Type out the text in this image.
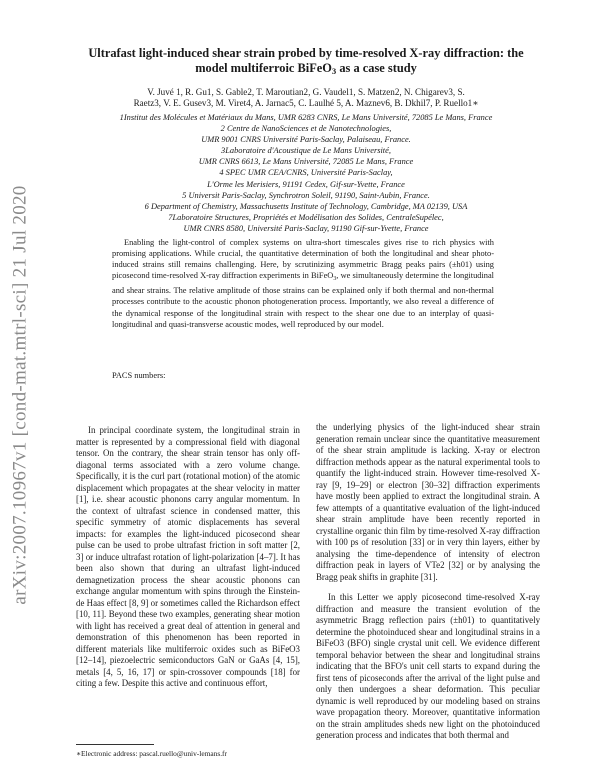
arXiv:2007.10967v1 [cond-mat.mtrl-sci] 21 Jul 2020
Ultrafast light-induced shear strain probed by time-resolved X-ray diffraction: the
model multiferroic BiFeO$_3$ as a case study

V. Juvé 1, R. Gu1, S. Gable2, T. Maroutian2, G. Vaudel1, S. Matzen2, N. Chigarev3, S.

Raetz3, V. E. Gusev3, M. Viret4, A. Jarnac5, C. Laulhé 5, A. Maznev6, B. Dkhil7, P. Ruello1∗

1Institut des Molécules et Matériaux du Mans, UMR 6283 CNRS, Le Mans Université, 72085 Le Mans, France

2 Centre de NanoSciences et de Nanotechnologies,

UMR 9001 CNRS Université Paris-Saclay, Palaiseau, France.

3Laboratoire d'Acoustique de Le Mans Université,

UMR CNRS 6613, Le Mans Université, 72085 Le Mans, France

4 SPEC UMR CEA/CNRS, Université Paris-Saclay,

L'Orme les Merisiers, 91191 Cedex, Gif-sur-Yvette, France

5 Universit Paris-Saclay, Synchrotron Soleil, 91190, Saint-Aubin, France.

6 Department of Chemistry, Massachusetts Institute of Technology, Cambridge, MA 02139, USA

7Laboratoire Structures, Propriétés et Modélisation des Solides, CentraleSupélec,

UMR CNRS 8580, Université Paris-Saclay, 91190 Gif-sur-Yvette, France

Enabling the light-control of complex systems on ultra-short timescales gives rise to rich physics with promising applications. While crucial, the quantitative determination of both the longitudinal and shear photo-induced strains still remains challenging. Here, by scrutinizing asymmetric Bragg peaks pairs (±h01) using picosecond time-resolved X-ray diffraction experiments in BiFeO$_3$, we simultaneously determine the longitudinal and shear strains. The relative amplitude of those strains can be explained only if both thermal and non-thermal processes contribute to the acoustic phonon photogeneration process. Importantly, we also reveal a difference of the dynamical response of the longitudinal strain with respect to the shear one due to an interplay of quasi-longitudinal and quasi-transverse acoustic modes, well reproduced by our model.

PACS numbers:

In principal coordinate system, the longitudinal strain in matter is represented by a compressional field with diagonal tensor. On the contrary, the shear strain tensor has only off-diagonal terms associated with a zero volume change. Specifically, it is the curl part (rotational motion) of the atomic displacement which propagates at the shear velocity in matter [1], i.e. shear acoustic phonons carry angular momentum. In the context of ultrafast science in condensed matter, this specific symmetry of atomic displacements has several impacts: for examples the light-induced picosecond shear pulse can be used to probe ultrafast friction in soft matter [2, 3] or induce ultrafast rotation of light-polarization [4–7]. It has been also shown that during an ultrafast light-induced demagnetization process the shear acoustic phonons can exchange angular momentum with spins through the Einstein-de Haas effect [8, 9] or sometimes called the Richardson effect [10, 11]. Beyond these two examples, generating shear motion with light has received a great deal of attention in general and demonstration of this phenomenon has been reported in different materials like multiferroic oxides such as BiFeO3 [12–14], piezoelectric semiconductors GaN or GaAs [4, 15], metals [4, 5, 16, 17] or spin-crossover compounds [18] for citing a few. Despite this active and continuous effort,

the underlying physics of the light-induced shear strain generation remain unclear since the quantitative measurement of the shear strain amplitude is lacking. X-ray or electron diffraction methods appear as the natural experimental tools to quantify the light-induced strain. However time-resolved X-ray [9, 19–29] or electron [30–32] diffraction experiments have mostly been applied to extract the longitudinal strain. A few attempts of a quantitative evaluation of the light-induced shear strain amplitude have been recently reported in crystalline organic thin film by time-resolved X-ray diffraction with 100 ps of resolution [33] or in very thin layers, either by analysing the time-dependence of intensity of electron diffraction peak in layers of VTe2 [32] or by analysing the Bragg peak shifts in graphite [31].

In this Letter we apply picosecond time-resolved X-ray diffraction and measure the transient evolution of the asymmetric Bragg reflection pairs (±h01) to quantitatively determine the photoinduced shear and longitudinal strains in a BiFeO3 (BFO) single crystal unit cell. We evidence different temporal behavior between the shear and longitudinal strains indicating that the BFO's unit cell starts to expand during the first tens of picoseconds after the arrival of the light pulse and only then undergoes a shear deformation. This peculiar dynamic is well reproduced by our modeling based on strains wave propagation theory. Moreover, quantitative information on the strain amplitudes sheds new light on the photoinduced generation process and indicates that both thermal and

∗Electronic address: pascal.ruello@univ-lemans.fr
